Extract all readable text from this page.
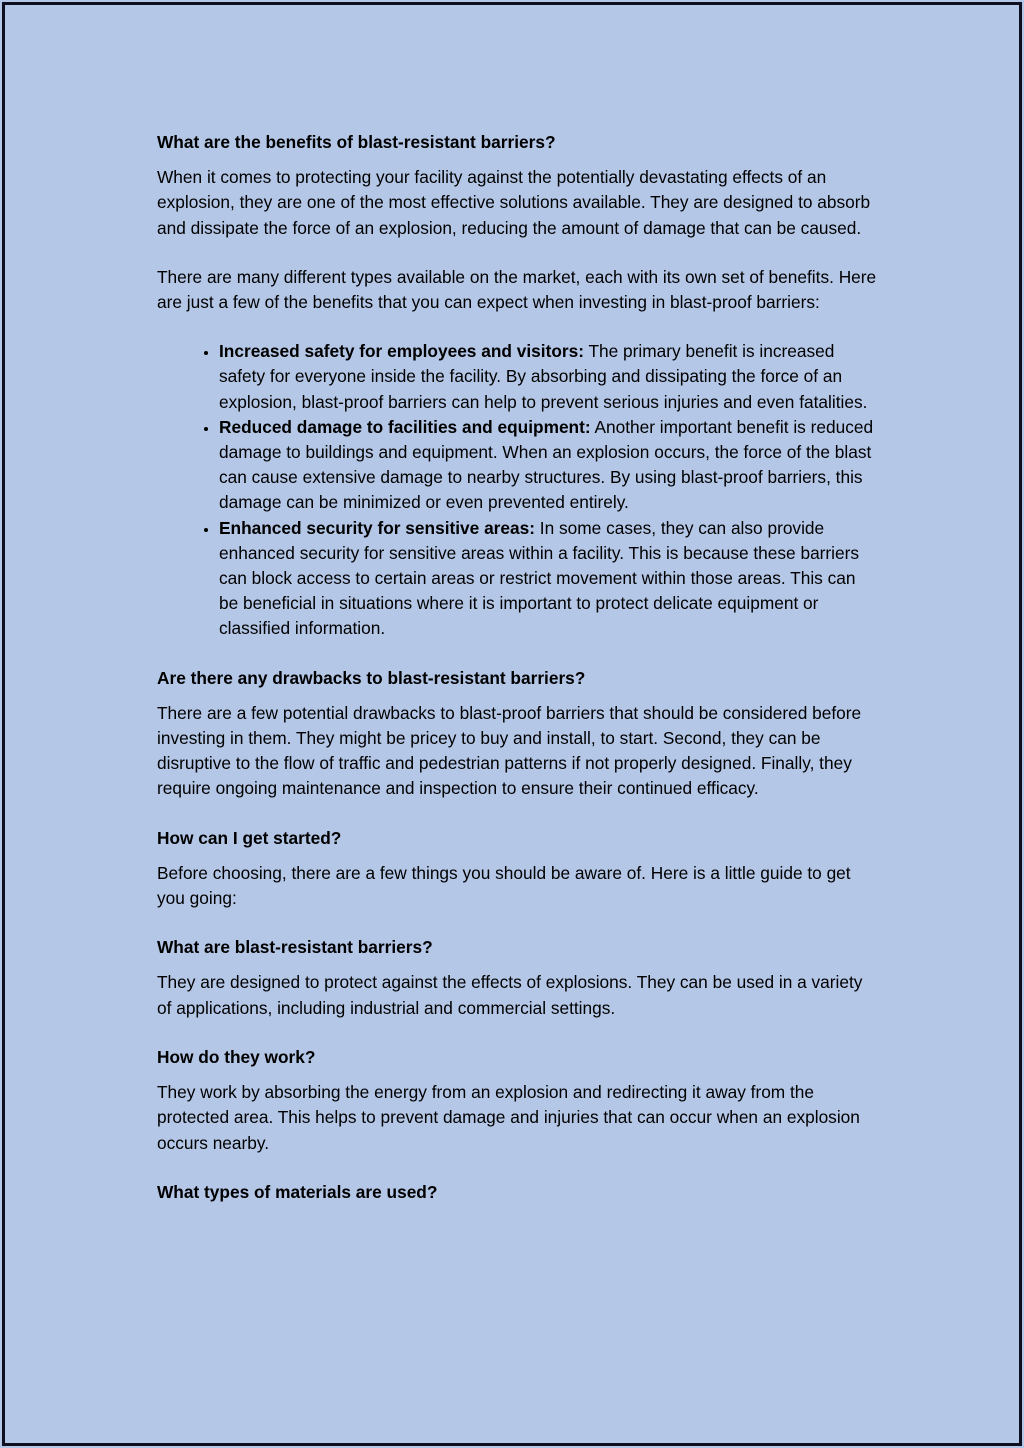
What are the benefits of blast-resistant barriers?

When it comes to protecting your facility against the potentially devastating effects of an explosion, they are one of the most effective solutions available. They are designed to absorb and dissipate the force of an explosion, reducing the amount of damage that can be caused.

There are many different types available on the market, each with its own set of benefits. Here are just a few of the benefits that you can expect when investing in blast-proof barriers:

• Increased safety for employees and visitors: The primary benefit is increased safety for everyone inside the facility. By absorbing and dissipating the force of an explosion, blast-proof barriers can help to prevent serious injuries and even fatalities.
• Reduced damage to facilities and equipment: Another important benefit is reduced damage to buildings and equipment. When an explosion occurs, the force of the blast can cause extensive damage to nearby structures. By using blast-proof barriers, this damage can be minimized or even prevented entirely.
• Enhanced security for sensitive areas: In some cases, they can also provide enhanced security for sensitive areas within a facility. This is because these barriers can block access to certain areas or restrict movement within those areas. This can be beneficial in situations where it is important to protect delicate equipment or classified information.
Are there any drawbacks to blast-resistant barriers?

There are a few potential drawbacks to blast-proof barriers that should be considered before investing in them. They might be pricey to buy and install, to start. Second, they can be disruptive to the flow of traffic and pedestrian patterns if not properly designed. Finally, they require ongoing maintenance and inspection to ensure their continued efficacy.

How can I get started?

Before choosing, there are a few things you should be aware of. Here is a little guide to get you going:

What are blast-resistant barriers?

They are designed to protect against the effects of explosions. They can be used in a variety of applications, including industrial and commercial settings.

How do they work?

They work by absorbing the energy from an explosion and redirecting it away from the protected area. This helps to prevent damage and injuries that can occur when an explosion occurs nearby.

What types of materials are used?
